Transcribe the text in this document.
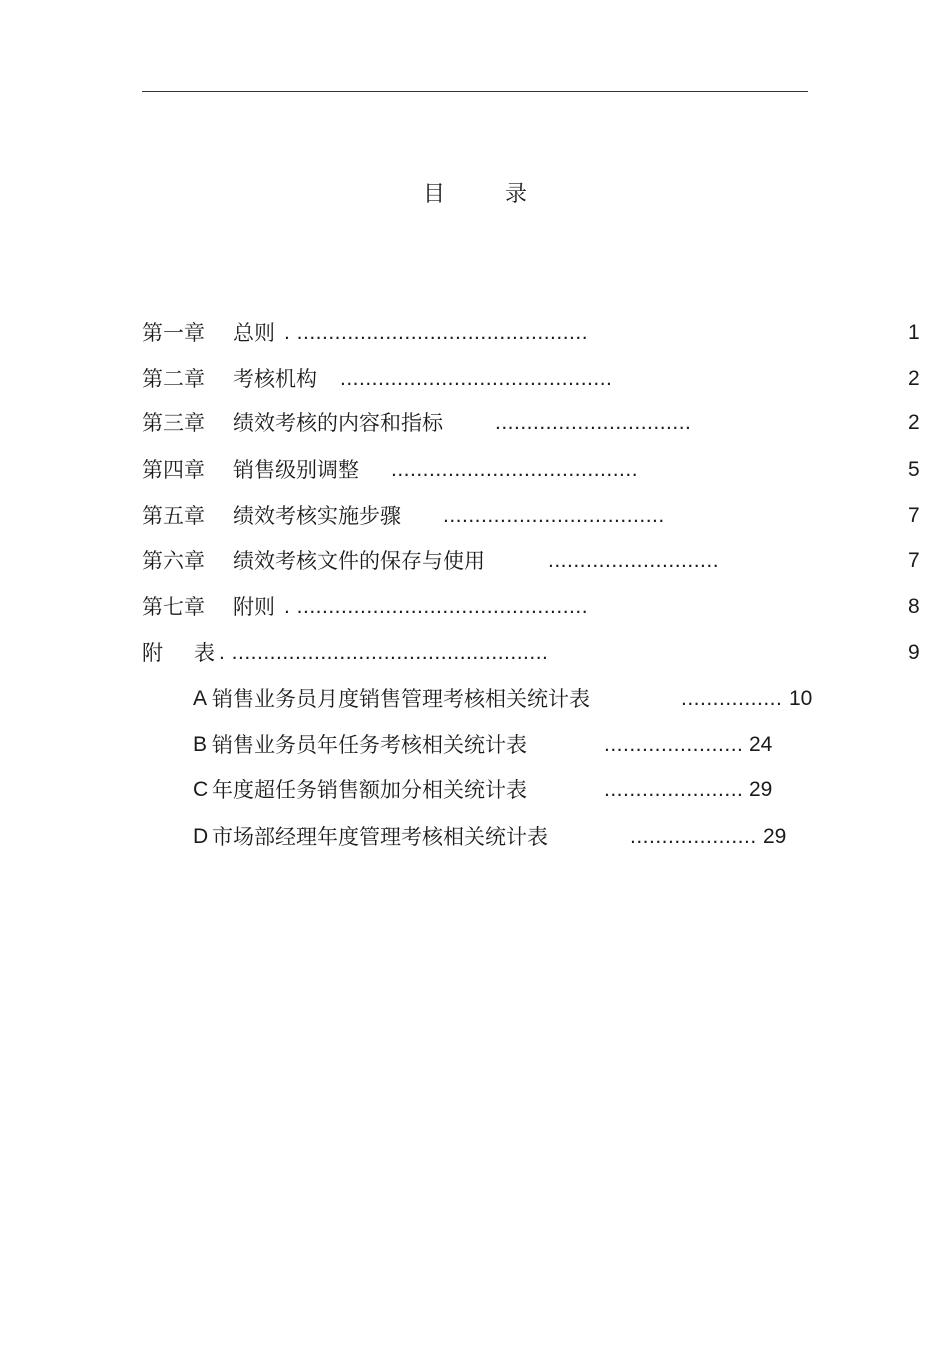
目	录
第一章 总则 . ..............................................	1
第二章 考核机构 ...........................................	2
第三章 绩效考核的内容和指标 ...............................	2
第四章 销售级别调整 .......................................	5
第五章 绩效考核实施步骤 ...................................	7
第六章 绩效考核文件的保存与使用	...........................	7
第七章 附则 . ..............................................	8
附 表 . ..................................................	9
A 销售业务员月度销售管理考核相关统计表	................ 10
B 销售业务员年任务考核相关统计表	...................... 24
C 年度超任务销售额加分相关统计表	...................... 29
D 市场部经理年度管理考核相关统计表	.................... 29
